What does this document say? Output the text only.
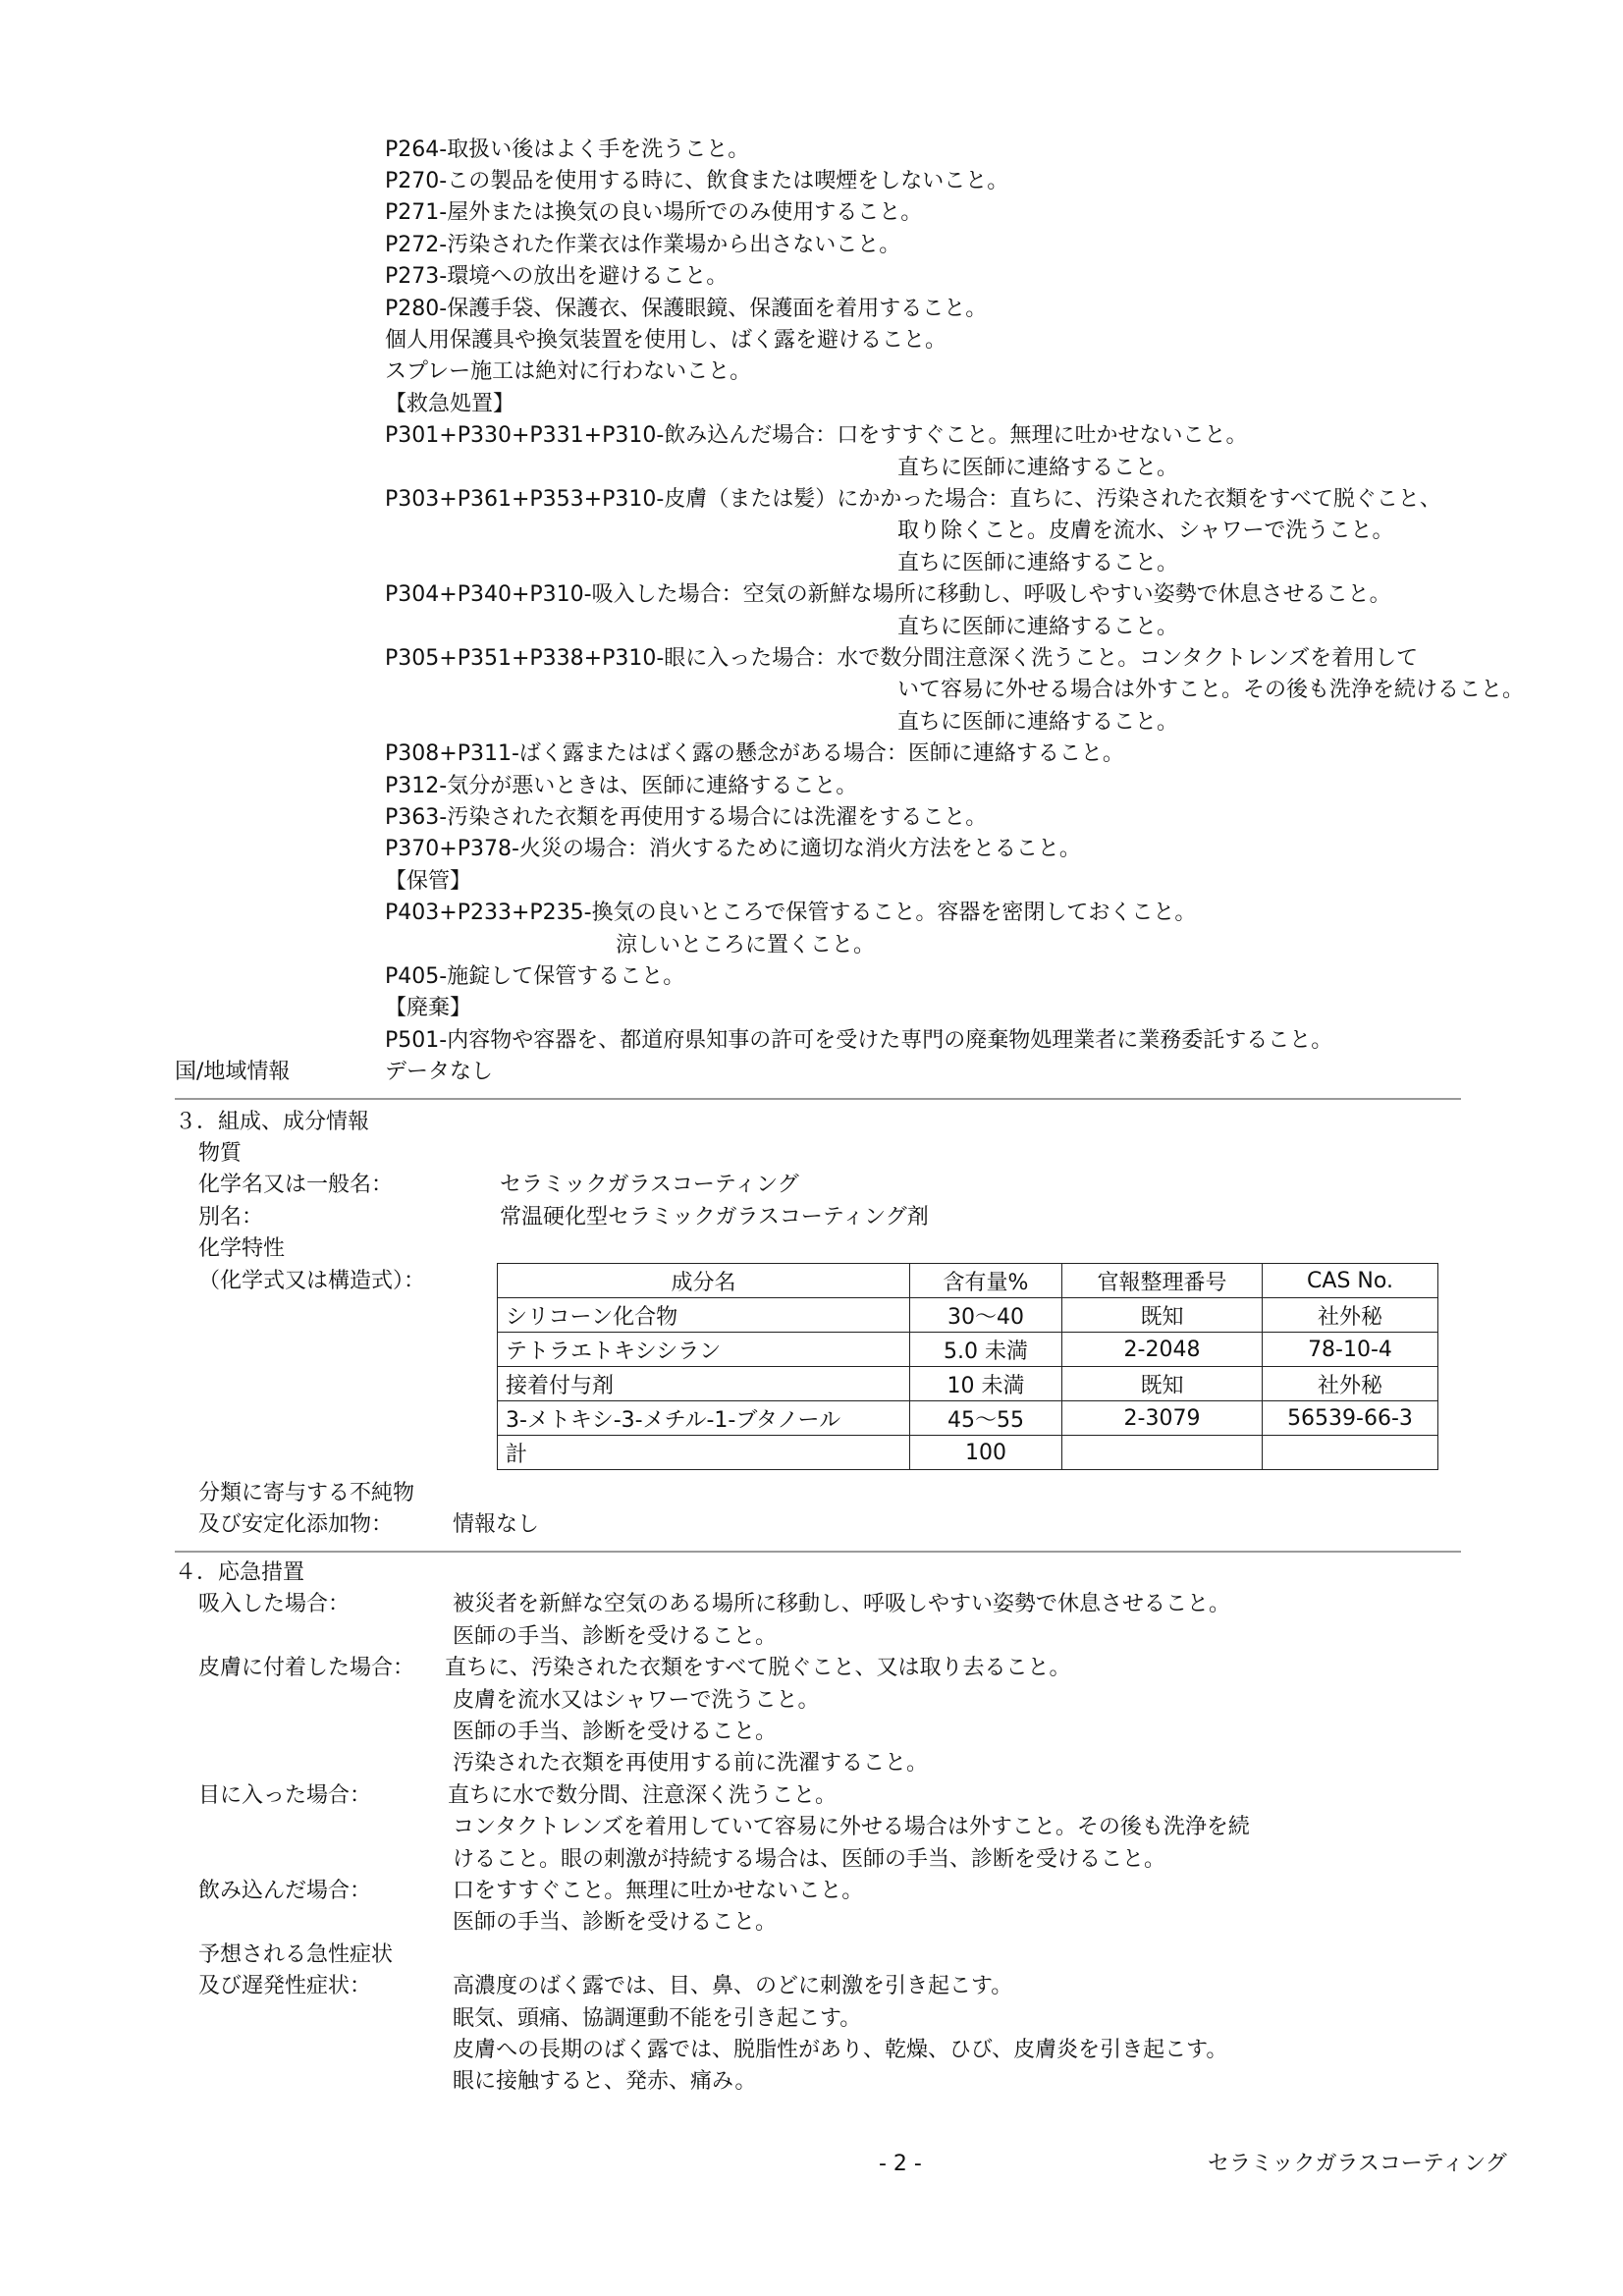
P264-取扱い後はよく手を洗うこと。
P270-この製品を使用する時に、飲食または喫煙をしないこと。
P271-屋外または換気の良い場所でのみ使用すること。
P272-汚染された作業衣は作業場から出さないこと。
P273-環境への放出を避けること。
P280-保護手袋、保護衣、保護眼鏡、保護面を着用すること。
個人用保護具や換気装置を使用し、ばく露を避けること。
スプレー施工は絶対に行わないこと。
【救急処置】
P301+P330+P331+P310-飲み込んだ場合：口をすすぐこと。無理に吐かせないこと。
直ちに医師に連絡すること。
P303+P361+P353+P310-皮膚（または髪）にかかった場合：直ちに、汚染された衣類をすべて脱ぐこと、
取り除くこと。皮膚を流水、シャワーで洗うこと。
直ちに医師に連絡すること。
P304+P340+P310-吸入した場合：空気の新鮮な場所に移動し、呼吸しやすい姿勢で休息させること。
直ちに医師に連絡すること。
P305+P351+P338+P310-眼に入った場合：水で数分間注意深く洗うこと。コンタクトレンズを着用して
いて容易に外せる場合は外すこと。その後も洗浄を続けること。
直ちに医師に連絡すること。
P308+P311-ばく露またはばく露の懸念がある場合：医師に連絡すること。
P312-気分が悪いときは、医師に連絡すること。
P363-汚染された衣類を再使用する場合には洗濯をすること。
P370+P378-火災の場合：消火するために適切な消火方法をとること。
【保管】
P403+P233+P235-換気の良いところで保管すること。容器を密閉しておくこと。
涼しいところに置くこと。
P405-施錠して保管すること。
【廃棄】
P501-内容物や容器を、都道府県知事の許可を受けた専門の廃棄物処理業者に業務委託すること。
国/地域情報	データなし
３．組成、成分情報
物質
化学名又は一般名：	セラミックガラスコーティング
別名：	常温硬化型セラミックガラスコーティング剤
化学特性
（化学式又は構造式）：	成分名	含有量%	官報整理番号	CAS No.
シリコーン化合物	30～40	既知	社外秘
テトラエトキシシラン	5.0 未満	2-2048	78-10-4
接着付与剤	10 未満	既知	社外秘
3-メトキシ-3-メチル-1-ブタノール	45～55	2-3079	56539-66-3
計	100		
分類に寄与する不純物
及び安定化添加物：	情報なし
４．応急措置
吸入した場合：	被災者を新鮮な空気のある場所に移動し、呼吸しやすい姿勢で休息させること。
医師の手当、診断を受けること。
皮膚に付着した場合： 直ちに、汚染された衣類をすべて脱ぐこと、又は取り去ること。
皮膚を流水又はシャワーで洗うこと。
医師の手当、診断を受けること。
汚染された衣類を再使用する前に洗濯すること。
目に入った場合：	直ちに水で数分間、注意深く洗うこと。
コンタクトレンズを着用していて容易に外せる場合は外すこと。その後も洗浄を続
けること。眼の刺激が持続する場合は、医師の手当、診断を受けること。
飲み込んだ場合：	口をすすぐこと。無理に吐かせないこと。
医師の手当、診断を受けること。
予想される急性症状
及び遅発性症状：	高濃度のばく露では、目、鼻、のどに刺激を引き起こす。
眠気、頭痛、協調運動不能を引き起こす。
皮膚への長期のばく露では、脱脂性があり、乾燥、ひび、皮膚炎を引き起こす。
眼に接触すると、発赤、痛み。
- 2 -	セラミックガラスコーティング
